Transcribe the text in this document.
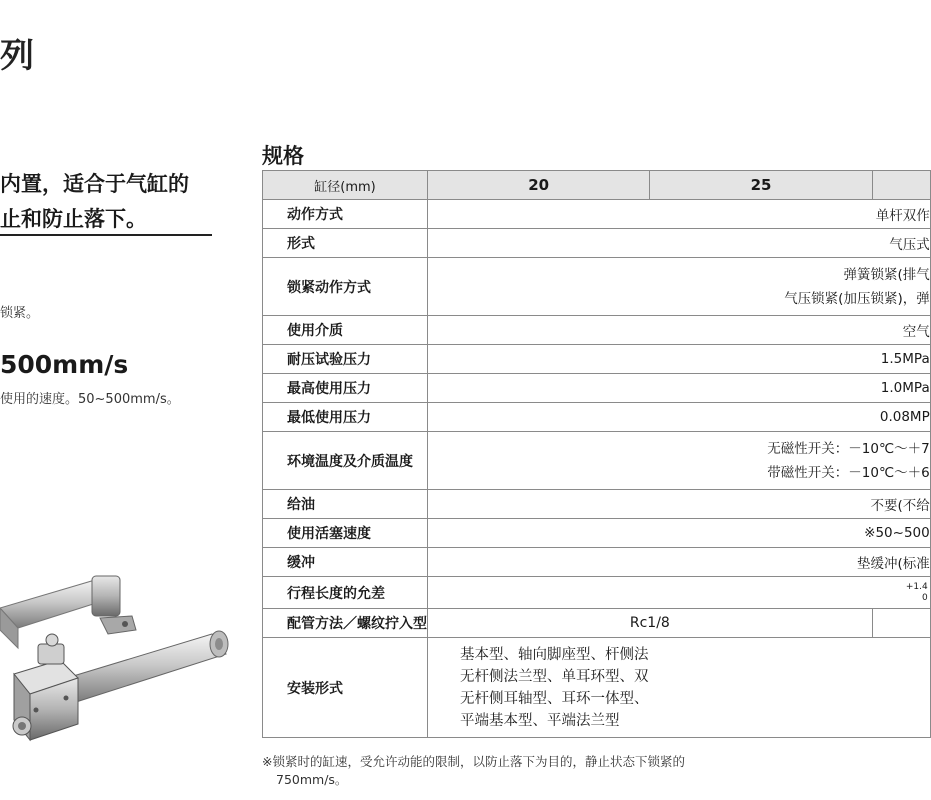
列
内置，适合于气缸的
止和防止落下。
锁紧。
500mm/s
使用的速度。50~500mm/s。
规格
缸径(mm)	20	25	
动作方式	单杆双作		

形式	气压式		

锁紧动作方式	弹簧锁紧(排气
气压锁紧(加压锁紧)，弹		

使用介质	空气		

耐压试验压力	1.5MPa		

最高使用压力	1.0MPa		

最低使用压力	0.08MP		

环境温度及介质温度	无磁性开关：－10℃～＋7
带磁性开关：－10℃～＋6		

给油	不要(不给		

使用活塞速度	※50~500		

缓冲	垫缓冲(标准		

行程长度的允差	+1.4
0		

配管方法／螺纹拧入型	Rc1/8		
安装形式	基本型、轴向脚座型、杆侧法
无杆侧法兰型、单耳环型、双
无杆侧耳轴型、耳环一体型、
平端基本型、平端法兰型		
※锁紧时的缸速，受允许动能的限制，以防止落下为目的，静止状态下锁紧的
750mm/s。
